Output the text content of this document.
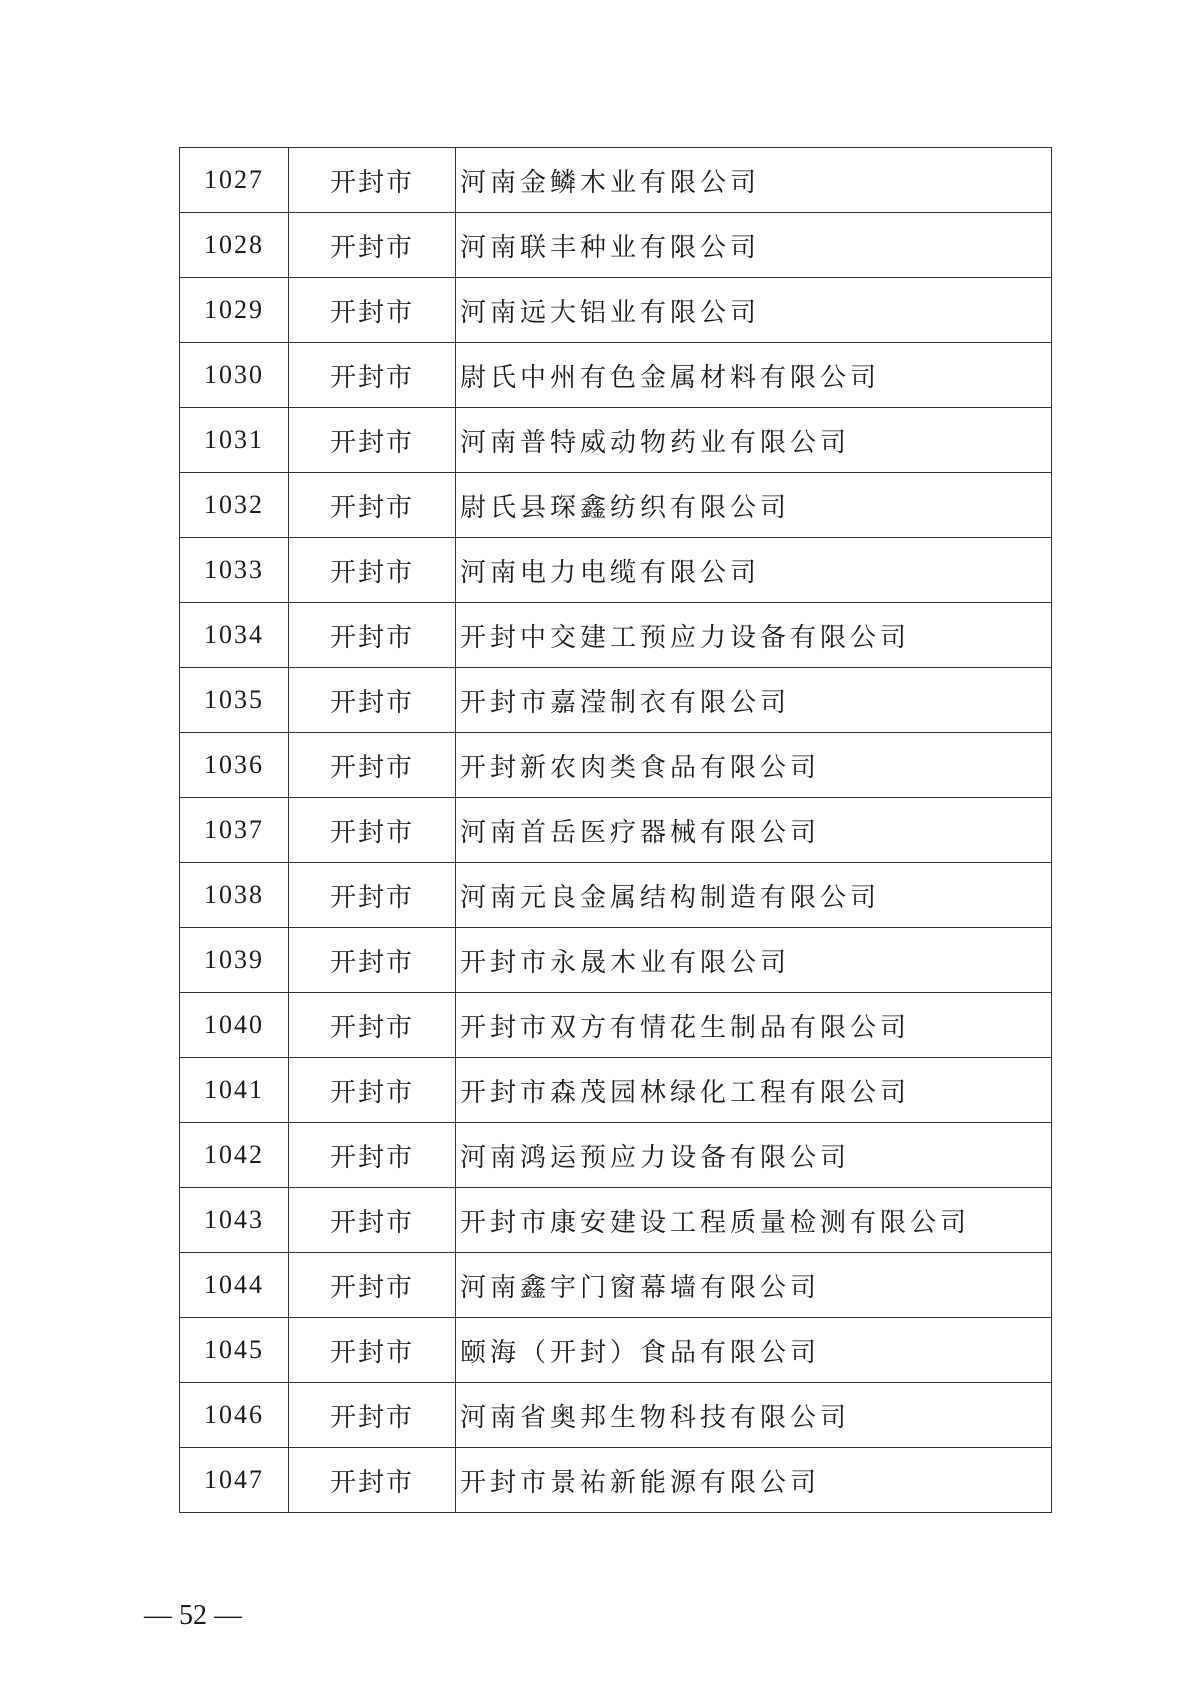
1027	开封市	河南金鳞木业有限公司
1028	开封市	河南联丰种业有限公司
1029	开封市	河南远大铝业有限公司
1030	开封市	尉氏中州有色金属材料有限公司
1031	开封市	河南普特威动物药业有限公司
1032	开封市	尉氏县琛鑫纺织有限公司
1033	开封市	河南电力电缆有限公司
1034	开封市	开封中交建工预应力设备有限公司
1035	开封市	开封市嘉滢制衣有限公司
1036	开封市	开封新农肉类食品有限公司
1037	开封市	河南首岳医疗器械有限公司
1038	开封市	河南元良金属结构制造有限公司
1039	开封市	开封市永晟木业有限公司
1040	开封市	开封市双方有情花生制品有限公司
1041	开封市	开封市森茂园林绿化工程有限公司
1042	开封市	河南鸿运预应力设备有限公司
1043	开封市	开封市康安建设工程质量检测有限公司
1044	开封市	河南鑫宇门窗幕墙有限公司
1045	开封市	颐海（开封）食品有限公司
1046	开封市	河南省奥邦生物科技有限公司
1047	开封市	开封市景祐新能源有限公司
— 52 —
